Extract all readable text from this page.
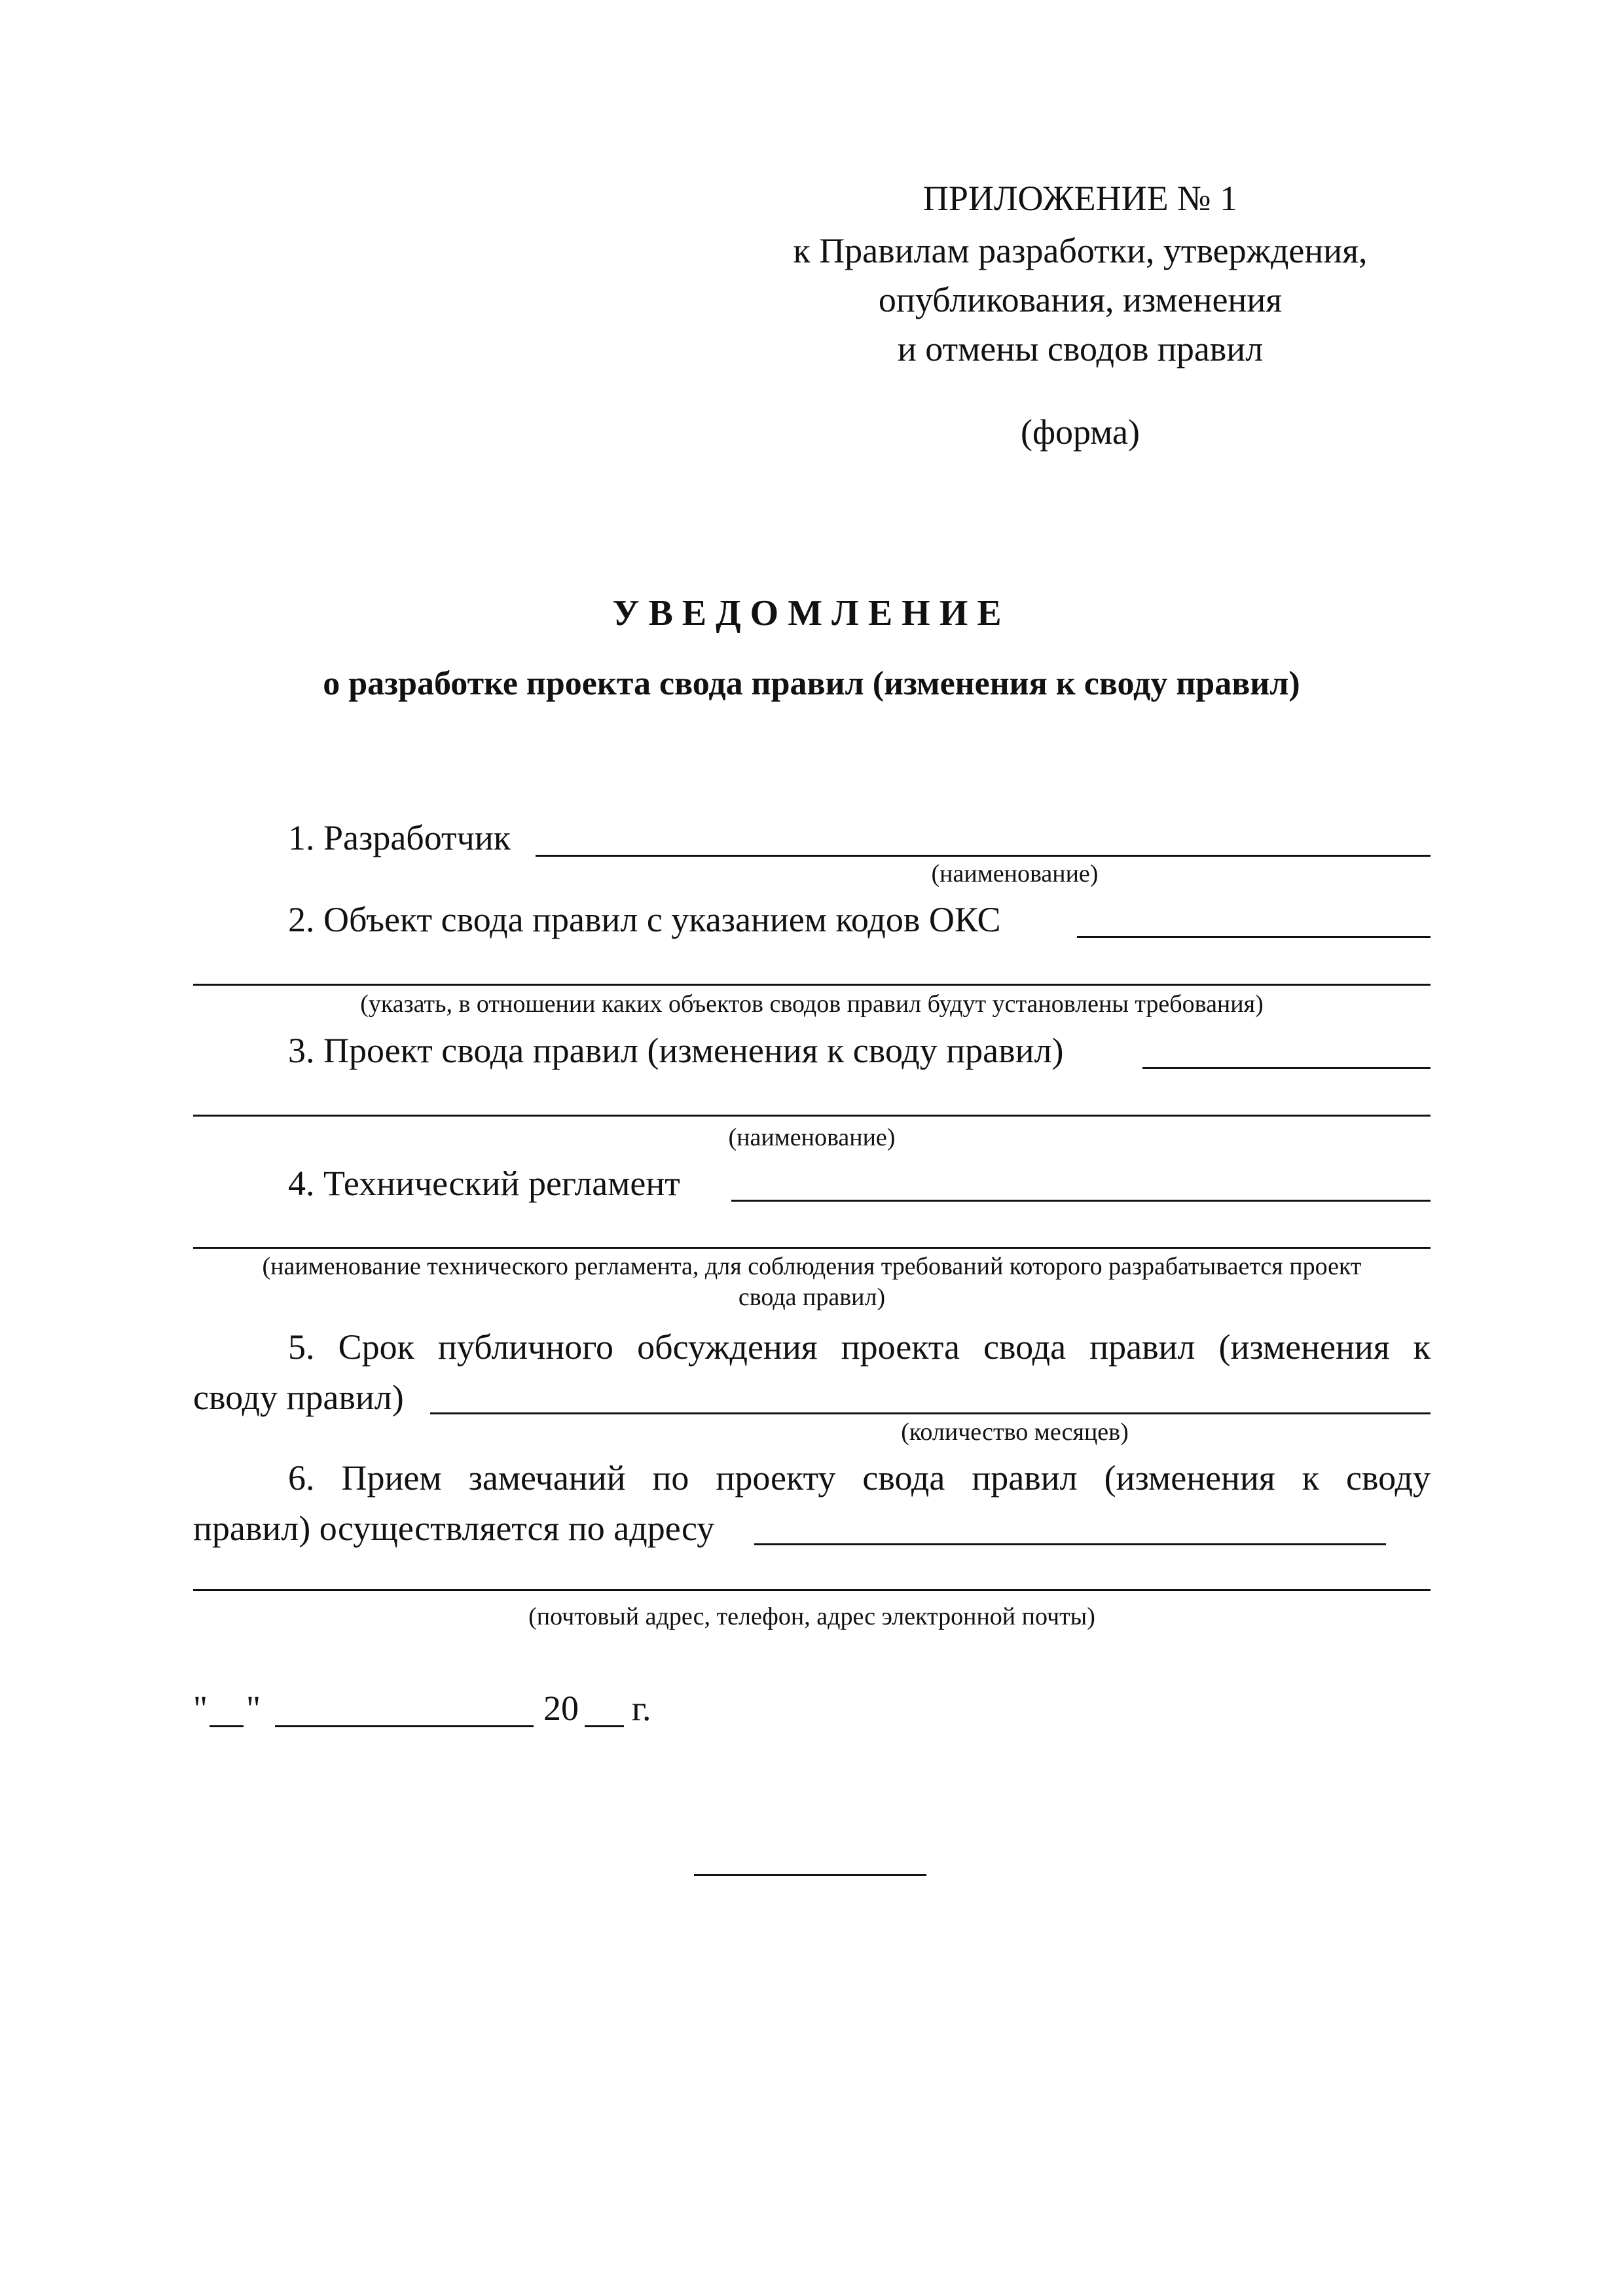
ПРИЛОЖЕНИЕ № 1
к Правилам разработки, утверждения,
опубликования, изменения
и отмены сводов правил
(форма)
УВЕДОМЛЕНИЕ
о разработке проекта свода правил (изменения к своду правил)
1. Разработчик
(наименование)
2. Объект свода правил с указанием кодов ОКС
(указать, в отношении каких объектов сводов правил будут установлены требования)
3. Проект свода правил (изменения к своду правил)
(наименование)
4. Технический регламент
(наименование технического регламента, для соблюдения требований которого разрабатывается проект
свода правил)
5. Срок публичного обсуждения проекта свода правил (изменения к
своду правил)
(количество месяцев)
6. Прием замечаний по проекту свода правил (изменения к своду
правил) осуществляется по адресу
(почтовый адрес, телефон, адрес электронной почты)
" "	20 г.
